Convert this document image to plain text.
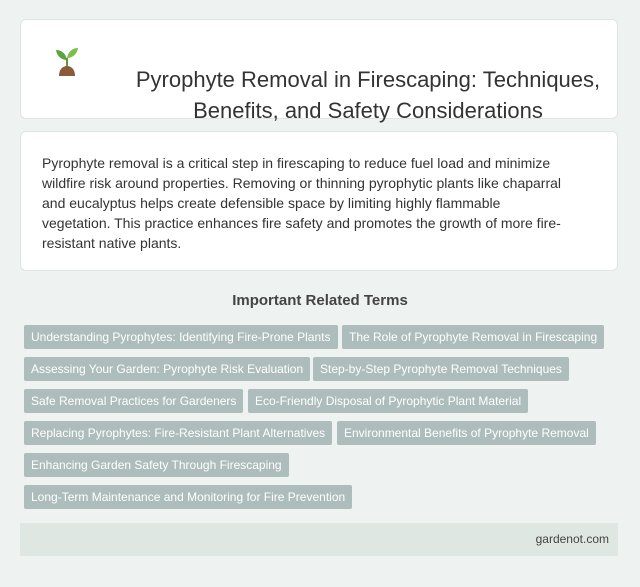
Pyrophyte Removal in Firescaping: Techniques, Benefits, and Safety Considerations

Pyrophyte removal is a critical step in firescaping to reduce fuel load and minimize wildfire risk around properties. Removing or thinning pyrophytic plants like chaparral and eucalyptus helps create defensible space by limiting highly flammable vegetation. This practice enhances fire safety and promotes the growth of more fire-resistant native plants.

Important Related Terms
Understanding Pyrophytes: Identifying Fire-Prone Plants	The Role of Pyrophyte Removal in Firescaping
Assessing Your Garden: Pyrophyte Risk Evaluation	Step-by-Step Pyrophyte Removal Techniques
Safe Removal Practices for Gardeners	Eco-Friendly Disposal of Pyrophytic Plant Material
Replacing Pyrophytes: Fire-Resistant Plant Alternatives	Environmental Benefits of Pyrophyte Removal
Enhancing Garden Safety Through Firescaping
Long-Term Maintenance and Monitoring for Fire Prevention
gardenot.com
